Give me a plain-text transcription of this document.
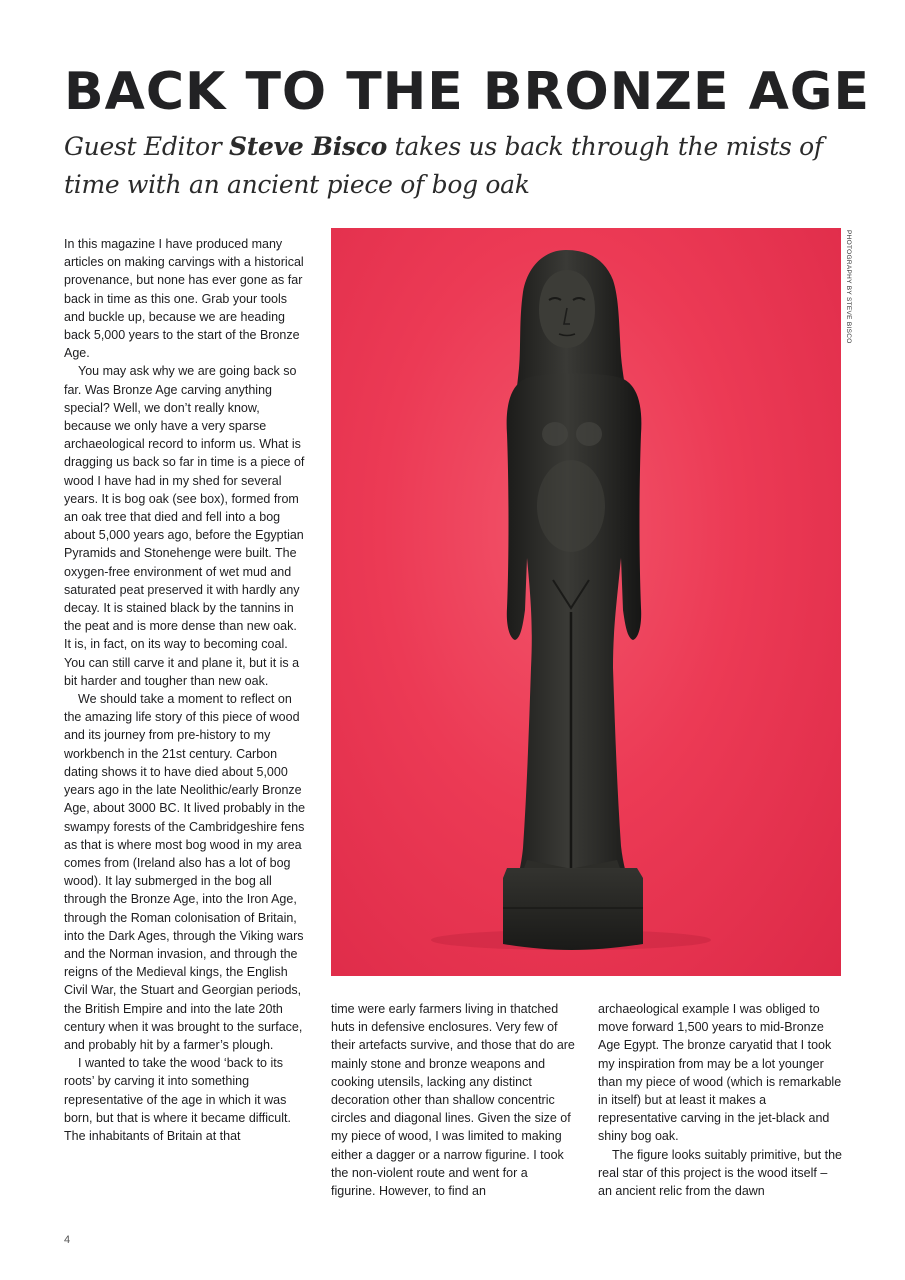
BACK TO THE BRONZE AGE

Guest Editor Steve Bisco takes us back through the mists of time with an ancient piece of bog oak

In this magazine I have produced many articles on making carvings with a historical provenance, but none has ever gone as far back in time as this one. Grab your tools and buckle up, because we are heading back 5,000 years to the start of the Bronze Age.

You may ask why we are going back so far. Was Bronze Age carving anything special? Well, we don’t really know, because we only have a very sparse archaeological record to inform us. What is dragging us back so far in time is a piece of wood I have had in my shed for several years. It is bog oak (see box), formed from an oak tree that died and fell into a bog about 5,000 years ago, before the Egyptian Pyramids and Stonehenge were built. The oxygen-free environment of wet mud and saturated peat preserved it with hardly any decay. It is stained black by the tannins in the peat and is more dense than new oak. It is, in fact, on its way to becoming coal. You can still carve it and plane it, but it is a bit harder and tougher than new oak.

We should take a moment to reflect on the amazing life story of this piece of wood and its journey from pre-history to my workbench in the 21st century. Carbon dating shows it to have died about 5,000 years ago in the late Neolithic/early Bronze Age, about 3000 BC. It lived probably in the swampy forests of the Cambridgeshire fens as that is where most bog wood in my area comes from (Ireland also has a lot of bog wood). It lay submerged in the bog all through the Bronze Age, into the Iron Age, through the Roman colonisation of Britain, into the Dark Ages, through the Viking wars and the Norman invasion, and through the reigns of the Medieval kings, the English Civil War, the Stuart and Georgian periods, the British Empire and into the late 20th century when it was brought to the surface, and probably hit by a farmer’s plough.

I wanted to take the wood ‘back to its roots’ by carving it into something representative of the age in which it was born, but that is where it became difficult. The inhabitants of Britain at that

PHOTOGRAPHY BY STEVE BISCO

time were early farmers living in thatched huts in defensive enclosures. Very few of their artefacts survive, and those that do are mainly stone and bronze weapons and cooking utensils, lacking any distinct decoration other than shallow concentric circles and diagonal lines. Given the size of my piece of wood, I was limited to making either a dagger or a narrow figurine. I took the non-violent route and went for a figurine. However, to find an

archaeological example I was obliged to move forward 1,500 years to mid-Bronze Age Egypt. The bronze caryatid that I took my inspiration from may be a lot younger than my piece of wood (which is remarkable in itself) but at least it makes a representative carving in the jet-black and shiny bog oak.

The figure looks suitably primitive, but the real star of this project is the wood itself – an ancient relic from the dawn

4
